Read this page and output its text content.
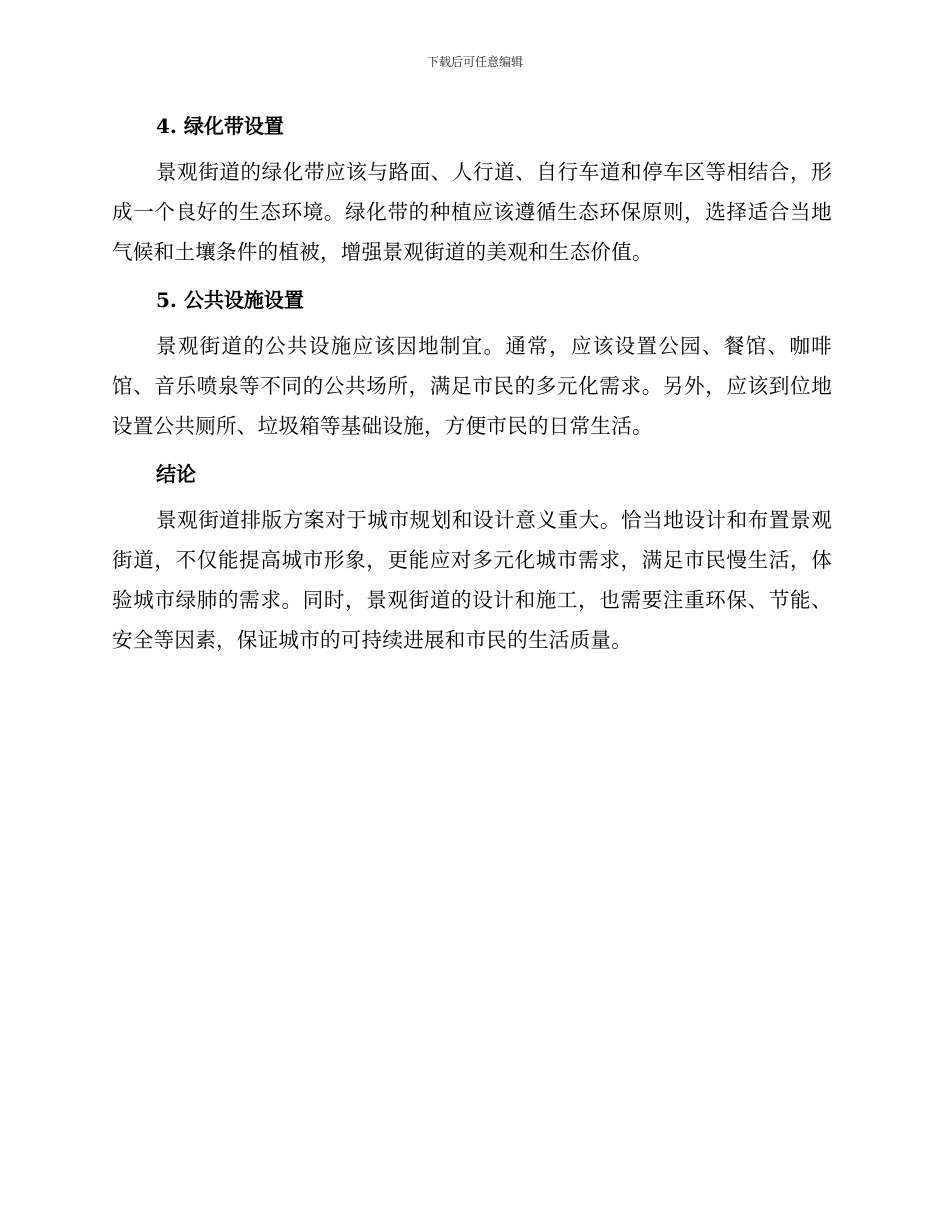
下载后可任意编辑
4. 绿化带设置

景观街道的绿化带应该与路面、人行道、自行车道和停车区等相结合，形成一个良好的生态环境。绿化带的种植应该遵循生态环保原则，选择适合当地气候和土壤条件的植被，增强景观街道的美观和生态价值。

5. 公共设施设置

景观街道的公共设施应该因地制宜。通常，应该设置公园、餐馆、咖啡馆、音乐喷泉等不同的公共场所，满足市民的多元化需求。另外，应该到位地设置公共厕所、垃圾箱等基础设施，方便市民的日常生活。

结论

景观街道排版方案对于城市规划和设计意义重大。恰当地设计和布置景观街道，不仅能提高城市形象，更能应对多元化城市需求，满足市民慢生活，体验城市绿肺的需求。同时，景观街道的设计和施工，也需要注重环保、节能、安全等因素，保证城市的可持续进展和市民的生活质量。
